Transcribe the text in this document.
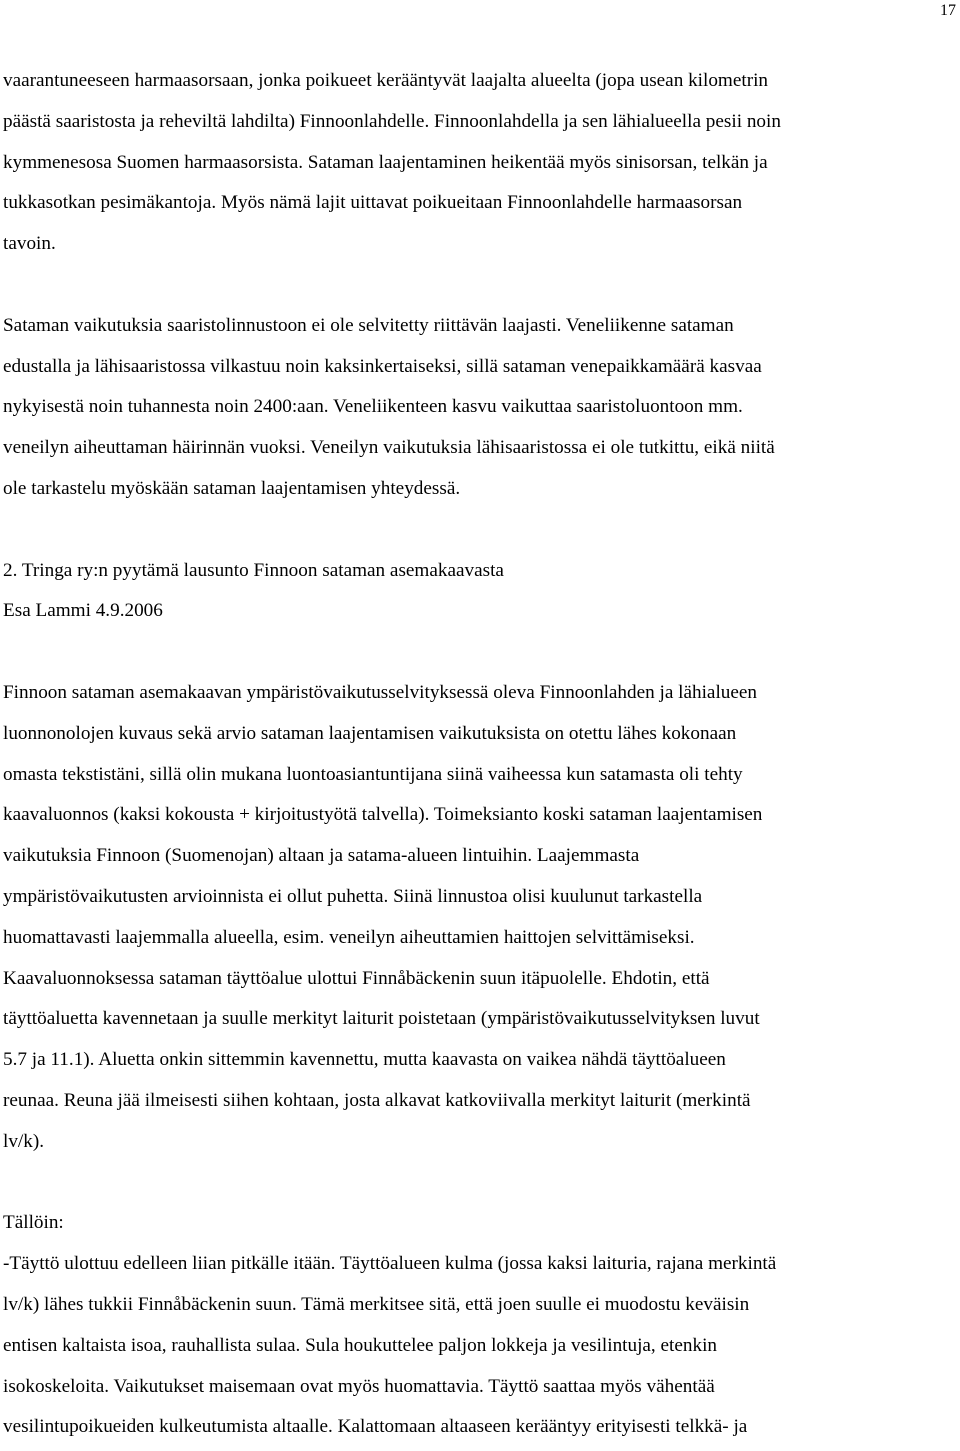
17
vaarantuneeseen harmaasorsaan, jonka poikueet kerääntyvät laajalta alueelta (jopa usean kilometrin
päästä saaristosta ja reheviltä lahdilta) Finnoonlahdelle. Finnoonlahdella ja sen lähialueella pesii noin
kymmenesosa Suomen harmaasorsista. Sataman laajentaminen heikentää myös sinisorsan, telkän ja
tukkasotkan pesimäkantoja. Myös nämä lajit uittavat poikueitaan Finnoonlahdelle harmaasorsan
tavoin.
Sataman vaikutuksia saaristolinnustoon ei ole selvitetty riittävän laajasti. Veneliikenne sataman
edustalla ja lähisaaristossa vilkastuu noin kaksinkertaiseksi, sillä sataman venepaikkamäärä kasvaa
nykyisestä noin tuhannesta noin 2400:aan. Veneliikenteen kasvu vaikuttaa saaristoluontoon mm.
veneilyn aiheuttaman häirinnän vuoksi. Veneilyn vaikutuksia lähisaaristossa ei ole tutkittu, eikä niitä
ole tarkastelu myöskään sataman laajentamisen yhteydessä.
2. Tringa ry:n pyytämä lausunto Finnoon sataman asemakaavasta
Esa Lammi 4.9.2006
Finnoon sataman asemakaavan ympäristövaikutusselvityksessä oleva Finnoonlahden ja lähialueen
luonnonolojen kuvaus sekä arvio sataman laajentamisen vaikutuksista on otettu lähes kokonaan
omasta tekstistäni, sillä olin mukana luontoasiantuntijana siinä vaiheessa kun satamasta oli tehty
kaavaluonnos (kaksi kokousta + kirjoitustyötä talvella). Toimeksianto koski sataman laajentamisen
vaikutuksia Finnoon (Suomenojan) altaan ja satama-alueen lintuihin. Laajemmasta
ympäristövaikutusten arvioinnista ei ollut puhetta. Siinä linnustoa olisi kuulunut tarkastella
huomattavasti laajemmalla alueella, esim. veneilyn aiheuttamien haittojen selvittämiseksi.
Kaavaluonnoksessa sataman täyttöalue ulottui Finnåbäckenin suun itäpuolelle. Ehdotin, että
täyttöaluetta kavennetaan ja suulle merkityt laiturit poistetaan (ympäristövaikutusselvityksen luvut
5.7 ja 11.1). Aluetta onkin sittemmin kavennettu, mutta kaavasta on vaikea nähdä täyttöalueen
reunaa. Reuna jää ilmeisesti siihen kohtaan, josta alkavat katkoviivalla merkityt laiturit (merkintä
lv/k).
Tällöin:
-Täyttö ulottuu edelleen liian pitkälle itään. Täyttöalueen kulma (jossa kaksi laituria, rajana merkintä
lv/k) lähes tukkii Finnåbäckenin suun. Tämä merkitsee sitä, että joen suulle ei muodostu keväisin
entisen kaltaista isoa, rauhallista sulaa. Sula houkuttelee paljon lokkeja ja vesilintuja, etenkin
isokoskeloita. Vaikutukset maisemaan ovat myös huomattavia. Täyttö saattaa myös vähentää
vesilintupoikueiden kulkeutumista altaalle. Kalattomaan altaaseen kerääntyy erityisesti telkkä- ja
